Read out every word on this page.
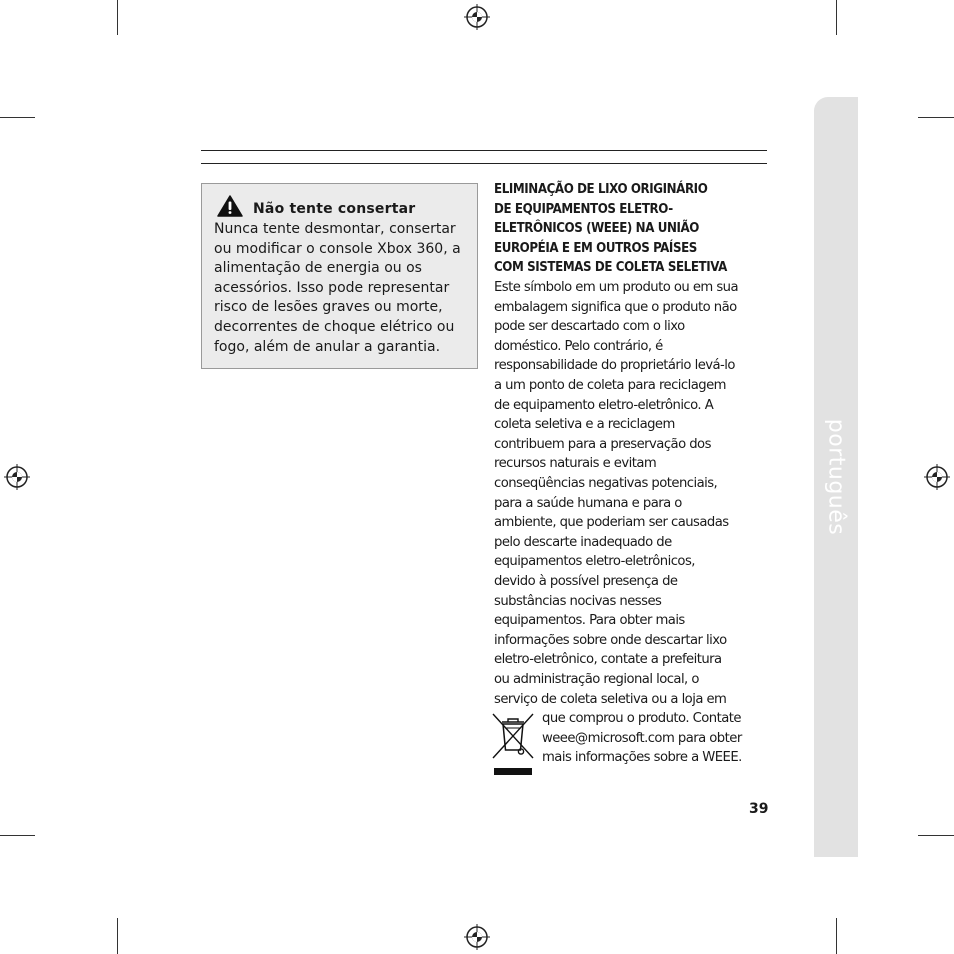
português
Não tente consertar
Nunca tente desmontar, consertar
ou modificar o console Xbox 360, a
alimentação de energia ou os
acessórios. Isso pode representar
risco de lesões graves ou morte,
decorrentes de choque elétrico ou
fogo, além de anular a garantia.
ELIMINAÇÃO DE LIXO ORIGINÁRIO
DE EQUIPAMENTOS ELETRO-
ELETRÔNICOS (WEEE) NA UNIÃO
EUROPÉIA E EM OUTROS PAÍSES
COM SISTEMAS DE COLETA SELETIVA
Este símbolo em um produto ou em sua
embalagem significa que o produto não
pode ser descartado com o lixo
doméstico. Pelo contrário, é
responsabilidade do proprietário levá-lo
a um ponto de coleta para reciclagem
de equipamento eletro-eletrônico. A
coleta seletiva e a reciclagem
contribuem para a preservação dos
recursos naturais e evitam
conseqüências negativas potenciais,
para a saúde humana e para o
ambiente, que poderiam ser causadas
pelo descarte inadequado de
equipamentos eletro-eletrônicos,
devido à possível presença de
substâncias nocivas nesses
equipamentos. Para obter mais
informações sobre onde descartar lixo
eletro-eletrônico, contate a prefeitura
ou administração regional local, o
serviço de coleta seletiva ou a loja em
que comprou o produto. Contate
weee@microsoft.com para obter
mais informações sobre a WEEE.
39
